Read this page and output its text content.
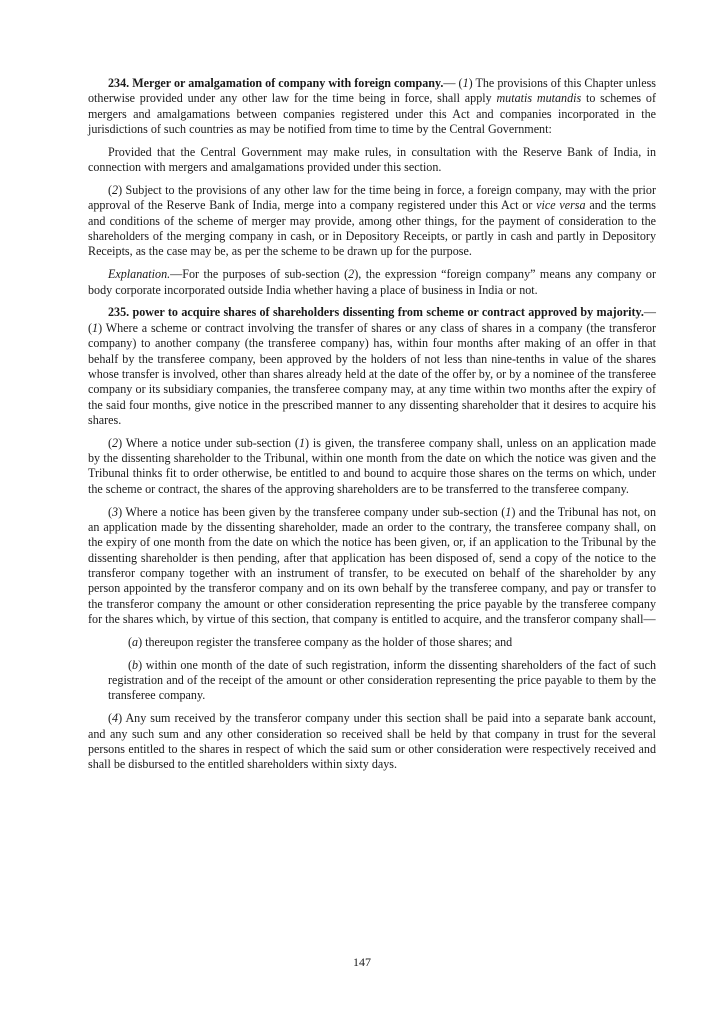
234. Merger or amalgamation of company with foreign company.— (1) The provisions of this Chapter unless otherwise provided under any other law for the time being in force, shall apply mutatis mutandis to schemes of mergers and amalgamations between companies registered under this Act and companies incorporated in the jurisdictions of such countries as may be notified from time to time by the Central Government:

Provided that the Central Government may make rules, in consultation with the Reserve Bank of India, in connection with mergers and amalgamations provided under this section.

(2) Subject to the provisions of any other law for the time being in force, a foreign company, may with the prior approval of the Reserve Bank of India, merge into a company registered under this Act or vice versa and the terms and conditions of the scheme of merger may provide, among other things, for the payment of consideration to the shareholders of the merging company in cash, or in Depository Receipts, or partly in cash and partly in Depository Receipts, as the case may be, as per the scheme to be drawn up for the purpose.

Explanation.—For the purposes of sub-section (2), the expression “foreign company” means any company or body corporate incorporated outside India whether having a place of business in India or not.

235. power to acquire shares of shareholders dissenting from scheme or contract approved by majority.— (1) Where a scheme or contract involving the transfer of shares or any class of shares in a company (the transferor company) to another company (the transferee company) has, within four months after making of an offer in that behalf by the transferee company, been approved by the holders of not less than nine-tenths in value of the shares whose transfer is involved, other than shares already held at the date of the offer by, or by a nominee of the transferee company or its subsidiary companies, the transferee company may, at any time within two months after the expiry of the said four months, give notice in the prescribed manner to any dissenting shareholder that it desires to acquire his shares.

(2) Where a notice under sub-section (1) is given, the transferee company shall, unless on an application made by the dissenting shareholder to the Tribunal, within one month from the date on which the notice was given and the Tribunal thinks fit to order otherwise, be entitled to and bound to acquire those shares on the terms on which, under the scheme or contract, the shares of the approving shareholders are to be transferred to the transferee company.

(3) Where a notice has been given by the transferee company under sub-section (1) and the Tribunal has not, on an application made by the dissenting shareholder, made an order to the contrary, the transferee company shall, on the expiry of one month from the date on which the notice has been given, or, if an application to the Tribunal by the dissenting shareholder is then pending, after that application has been disposed of, send a copy of the notice to the transferor company together with an instrument of transfer, to be executed on behalf of the shareholder by any person appointed by the transferor company and on its own behalf by the transferee company, and pay or transfer to the transferor company the amount or other consideration representing the price payable by the transferee company for the shares which, by virtue of this section, that company is entitled to acquire, and the transferor company shall—

(a) thereupon register the transferee company as the holder of those shares; and

(b) within one month of the date of such registration, inform the dissenting shareholders of the fact of such registration and of the receipt of the amount or other consideration representing the price payable to them by the transferee company.

(4) Any sum received by the transferor company under this section shall be paid into a separate bank account, and any such sum and any other consideration so received shall be held by that company in trust for the several persons entitled to the shares in respect of which the said sum or other consideration were respectively received and shall be disbursed to the entitled shareholders within sixty days.

147
